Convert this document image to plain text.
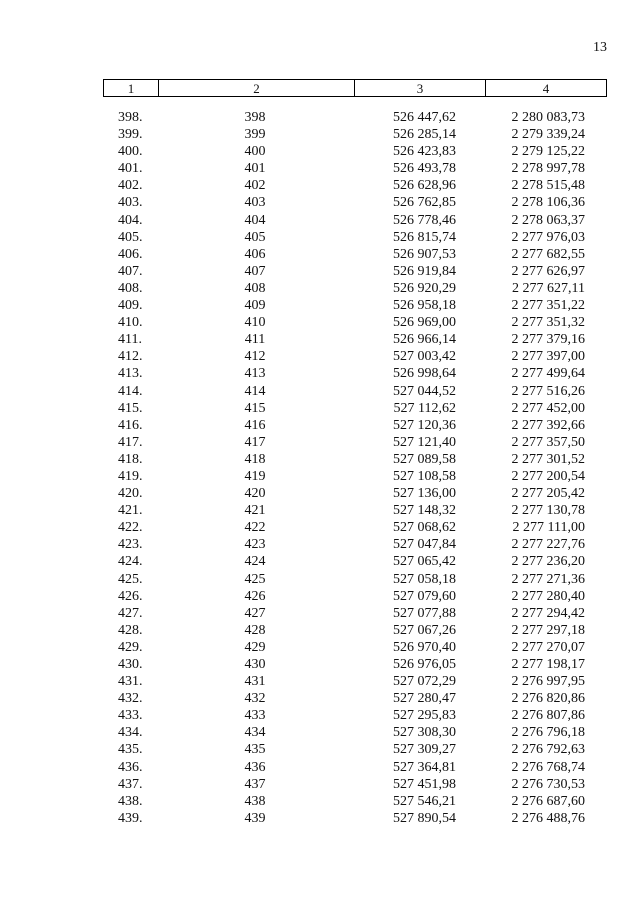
13
1	2	3	4
398.	398	526 447,62	2 280 083,73
399.	399	526 285,14	2 279 339,24
400.	400	526 423,83	2 279 125,22
401.	401	526 493,78	2 278 997,78
402.	402	526 628,96	2 278 515,48
403.	403	526 762,85	2 278 106,36
404.	404	526 778,46	2 278 063,37
405.	405	526 815,74	2 277 976,03
406.	406	526 907,53	2 277 682,55
407.	407	526 919,84	2 277 626,97
408.	408	526 920,29	2 277 627,11
409.	409	526 958,18	2 277 351,22
410.	410	526 969,00	2 277 351,32
411.	411	526 966,14	2 277 379,16
412.	412	527 003,42	2 277 397,00
413.	413	526 998,64	2 277 499,64
414.	414	527 044,52	2 277 516,26
415.	415	527 112,62	2 277 452,00
416.	416	527 120,36	2 277 392,66
417.	417	527 121,40	2 277 357,50
418.	418	527 089,58	2 277 301,52
419.	419	527 108,58	2 277 200,54
420.	420	527 136,00	2 277 205,42
421.	421	527 148,32	2 277 130,78
422.	422	527 068,62	2 277 111,00
423.	423	527 047,84	2 277 227,76
424.	424	527 065,42	2 277 236,20
425.	425	527 058,18	2 277 271,36
426.	426	527 079,60	2 277 280,40
427.	427	527 077,88	2 277 294,42
428.	428	527 067,26	2 277 297,18
429.	429	526 970,40	2 277 270,07
430.	430	526 976,05	2 277 198,17
431.	431	527 072,29	2 276 997,95
432.	432	527 280,47	2 276 820,86
433.	433	527 295,83	2 276 807,86
434.	434	527 308,30	2 276 796,18
435.	435	527 309,27	2 276 792,63
436.	436	527 364,81	2 276 768,74
437.	437	527 451,98	2 276 730,53
438.	438	527 546,21	2 276 687,60
439.	439	527 890,54	2 276 488,76
